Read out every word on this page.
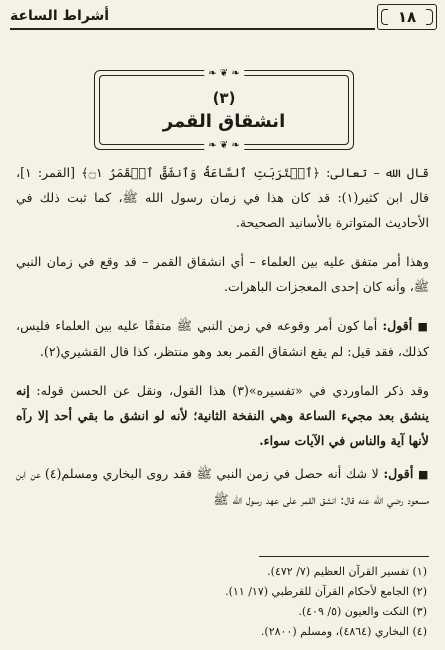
١٨
أشراط الساعة
❧ ❦ ❧
(٣)
انشقاق القمر
❧ ❦ ❧

قال الله – تعالى: ﴿ٱقۡتَرَبَتِ ٱلسَّاعَةُ وَٱنشَقَّ ٱلۡقَمَرُ ۝١﴾ [القمر: ١]، قال ابن كثير(١): قد كان هذا في زمان رسول الله ﷺ، كما ثبت ذلك في الأحاديث المتواترة بالأسانيد الصحيحة.

وهذا أمر متفق عليه بين العلماء – أي انشقاق القمر – قد وقع في زمان النبي ﷺ، وأنه كان إحدى المعجزات الباهرات.

■ أقول: أما كون أمر وقوعه في زمن النبي ﷺ متفقًا عليه بين العلماء فليس، كذلك، فقد قيل: لم يقع انشقاق القمر بعد وهو منتظر، كذا قال القشيري(٢).

وقد ذكر الماوردي في «تفسيره»(٣) هذا القول، ونقل عن الحسن قوله: إنه ينشق بعد مجيء الساعة وهي النفخة الثانية؛ لأنه لو انشق ما بقي أحد إلا رآه لأنها آية والناس في الآيات سواء.

■ أقول: لا شك أنه حصل في زمن النبي ﷺ فقد روى البخاري ومسلم(٤) عن ابن مسعود رضي الله عنه قال: انشق القمر على عهد رسول الله ﷺ

(١) تفسير القرآن العظيم (٧/ ٤٧٢).
(٢) الجامع لأحكام القرآن للقرطبي (١٧/ ١١).
(٣) النكت والعيون (٥/ ٤٠٩).
(٤) البخاري (٤٨٦٤)، ومسلم (٢٨٠٠).
